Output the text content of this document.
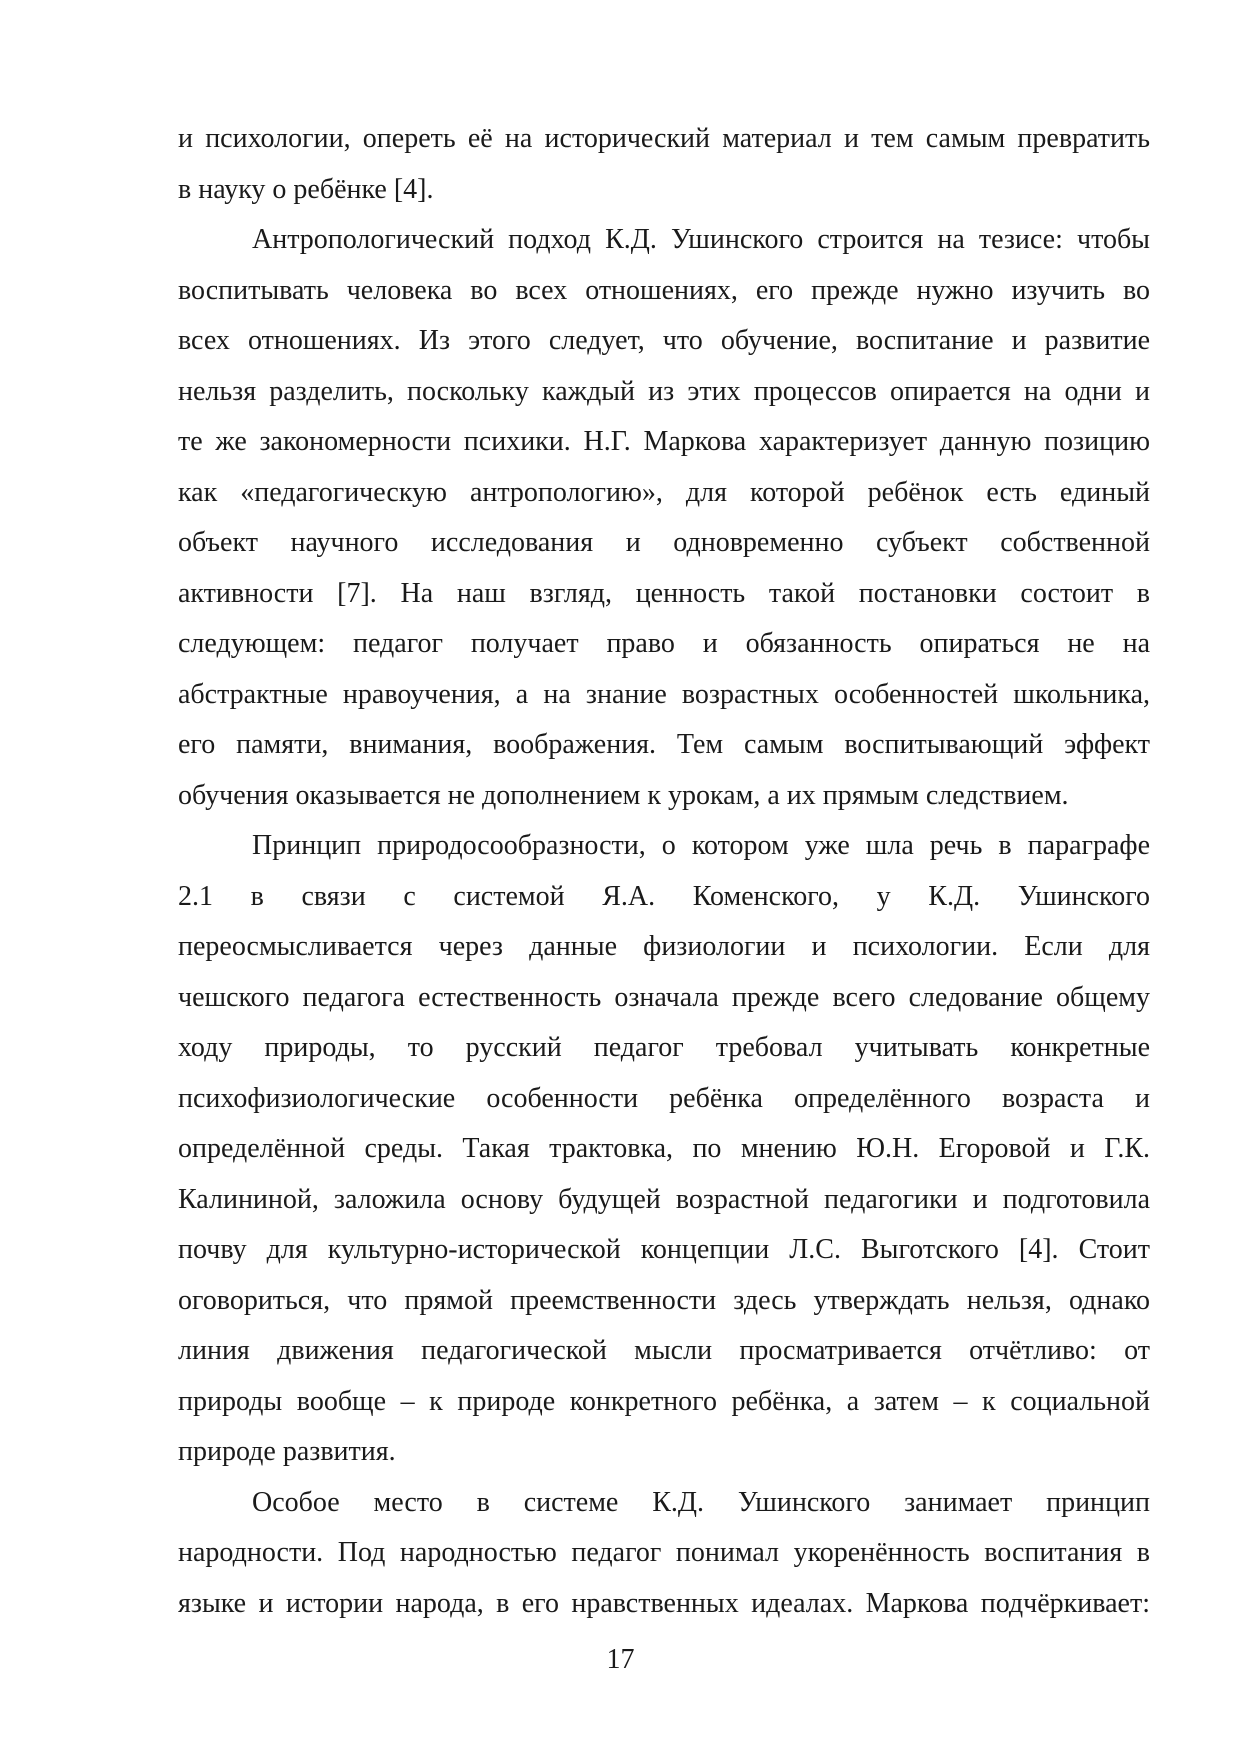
и психологии, опереть её на исторический материал и тем самым превратить
в науку о ребёнке [4].
Антропологический подход К.Д. Ушинского строится на тезисе: чтобы
воспитывать человека во всех отношениях, его прежде нужно изучить во
всех отношениях. Из этого следует, что обучение, воспитание и развитие
нельзя разделить, поскольку каждый из этих процессов опирается на одни и
те же закономерности психики. Н.Г. Маркова характеризует данную позицию
как «педагогическую антропологию», для которой ребёнок есть единый
объект научного исследования и одновременно субъект собственной
активности [7]. На наш взгляд, ценность такой постановки состоит в
следующем: педагог получает право и обязанность опираться не на
абстрактные нравоучения, а на знание возрастных особенностей школьника,
его памяти, внимания, воображения. Тем самым воспитывающий эффект
обучения оказывается не дополнением к урокам, а их прямым следствием.
Принцип природосообразности, о котором уже шла речь в параграфе
2.1 в связи с системой Я.А. Коменского, у К.Д. Ушинского
переосмысливается через данные физиологии и психологии. Если для
чешского педагога естественность означала прежде всего следование общему
ходу природы, то русский педагог требовал учитывать конкретные
психофизиологические особенности ребёнка определённого возраста и
определённой среды. Такая трактовка, по мнению Ю.Н. Егоровой и Г.К.
Калининой, заложила основу будущей возрастной педагогики и подготовила
почву для культурно-исторической концепции Л.С. Выготского [4]. Стоит
оговориться, что прямой преемственности здесь утверждать нельзя, однако
линия движения педагогической мысли просматривается отчётливо: от
природы вообще – к природе конкретного ребёнка, а затем – к социальной
природе развития.
Особое место в системе К.Д. Ушинского занимает принцип
народности. Под народностью педагог понимал укоренённость воспитания в
языке и истории народа, в его нравственных идеалах. Маркова подчёркивает:
17
